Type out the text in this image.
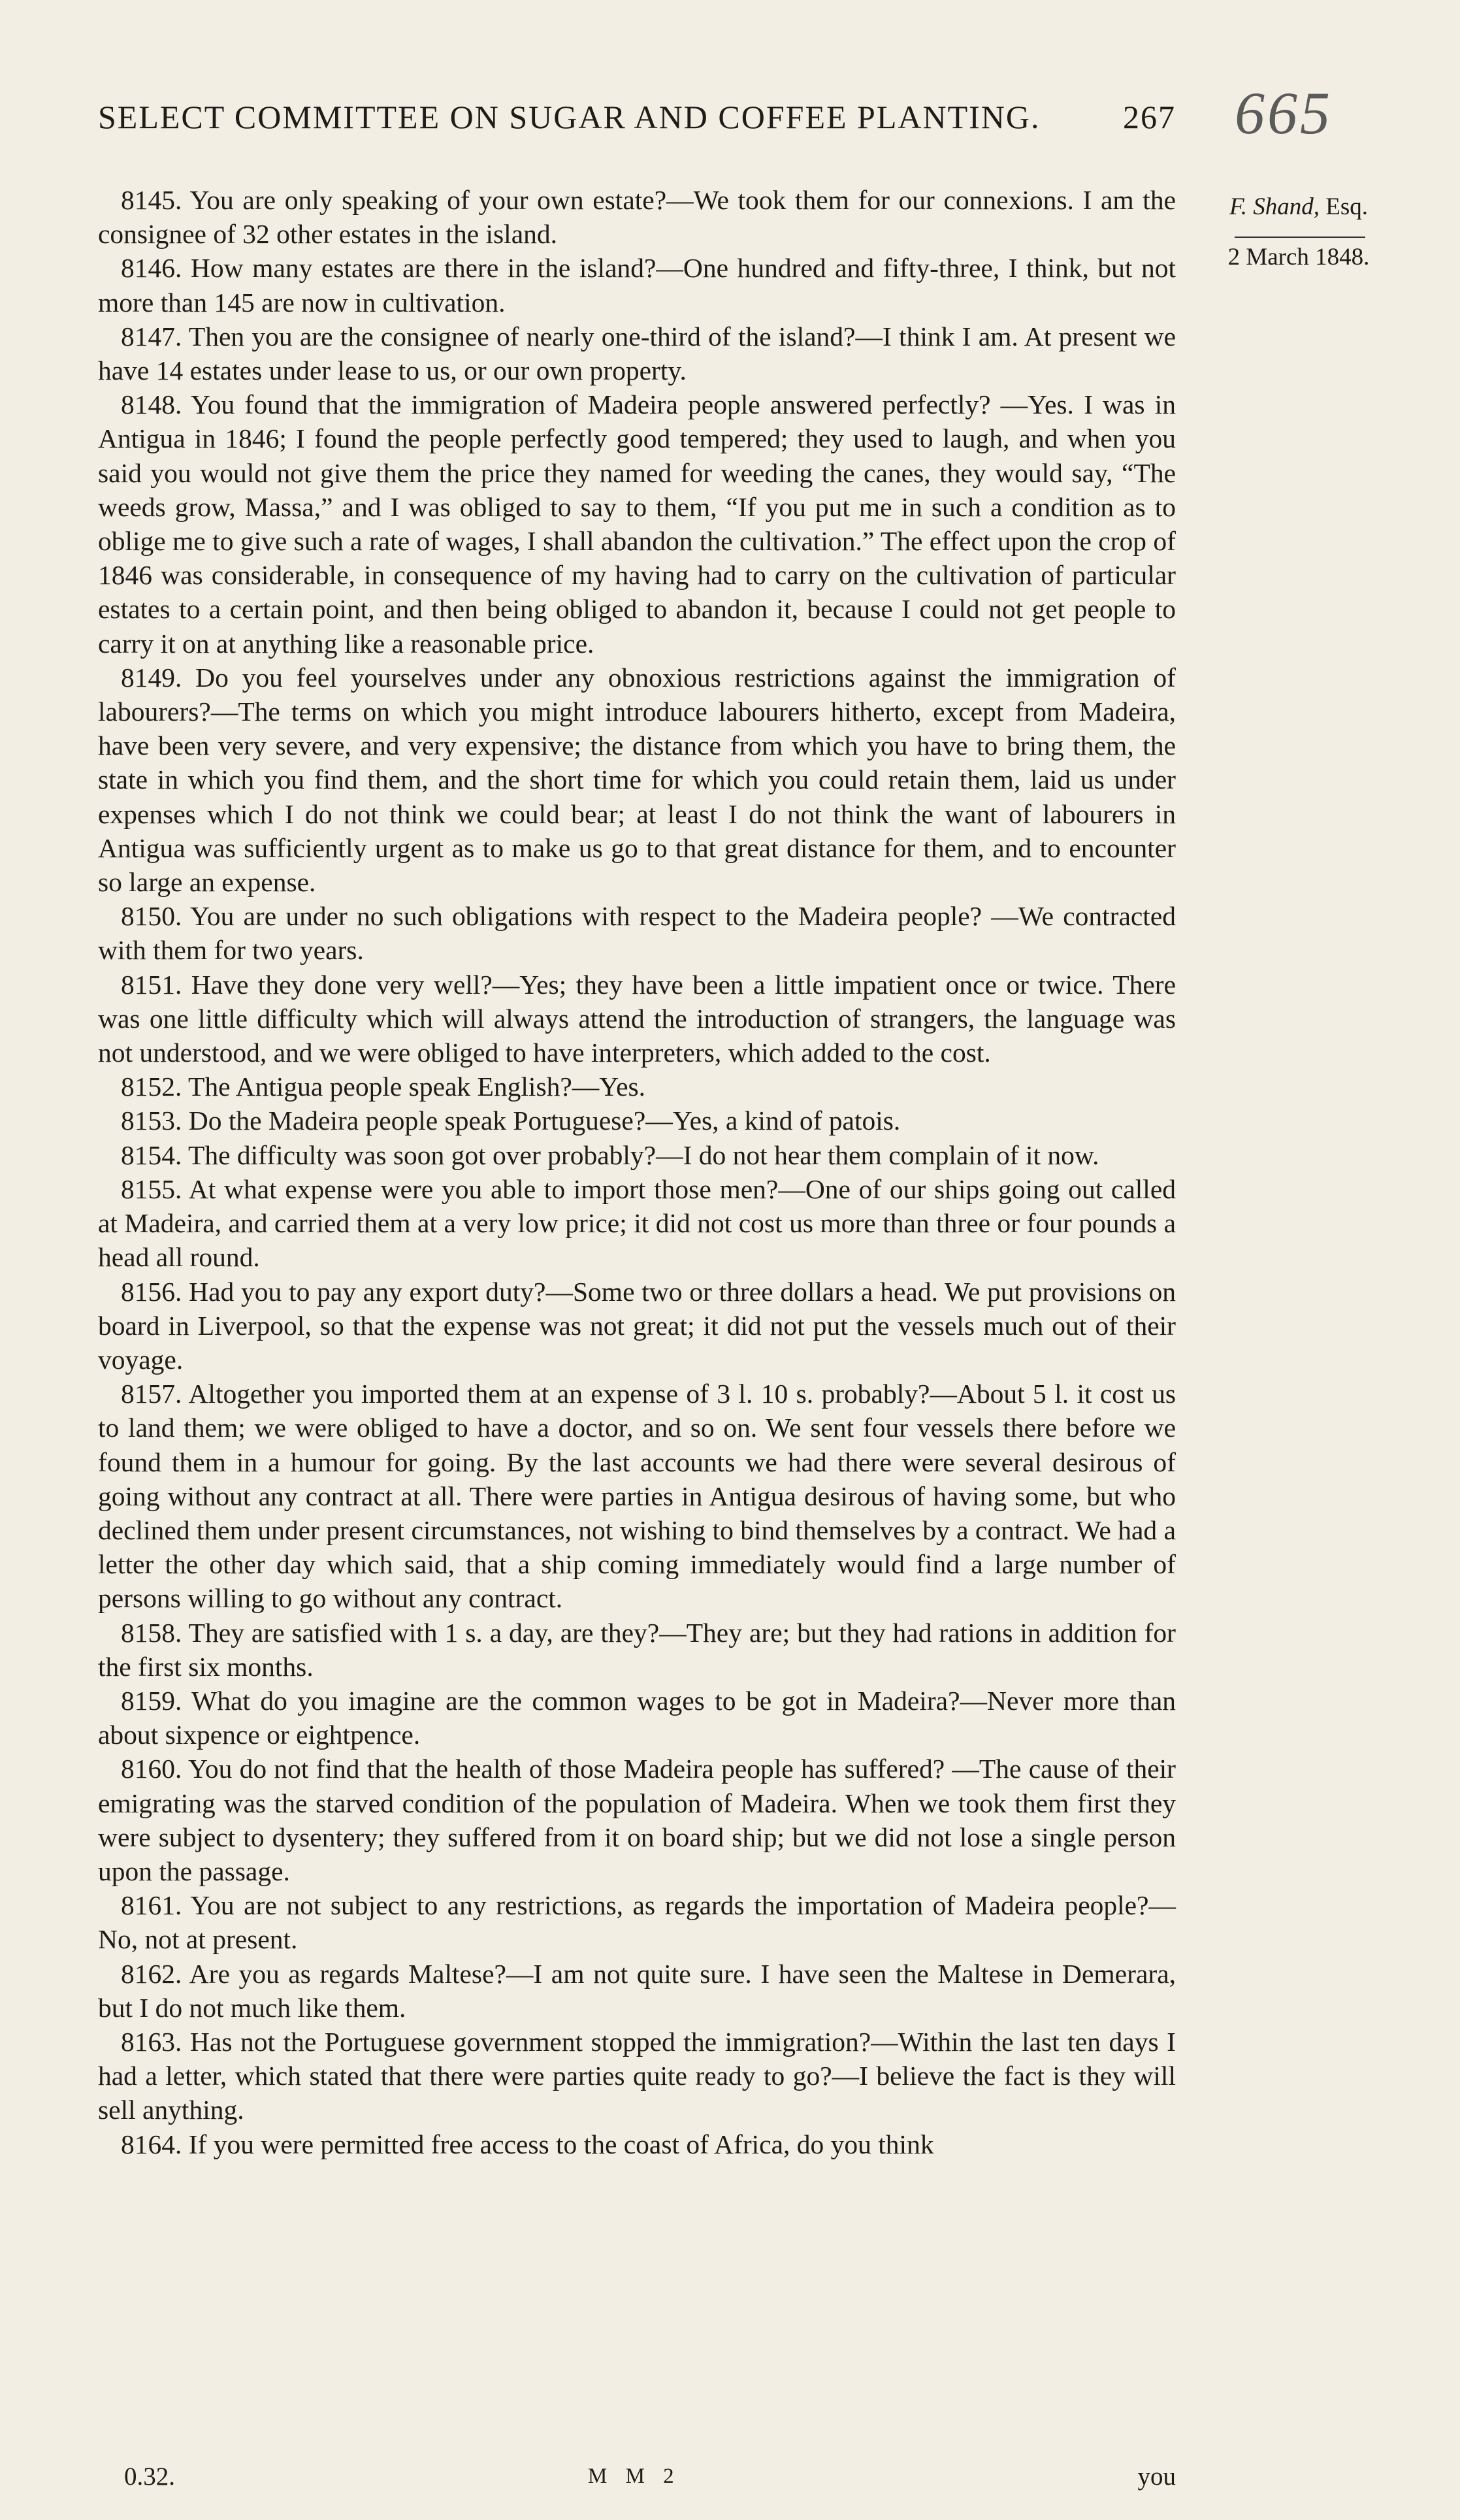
SELECT COMMITTEE ON SUGAR AND COFFEE PLANTING.	267 665
F. Shand, Esq.
2 March 1848.

8145. You are only speaking of your own estate?—We took them for our connexions. I am the consignee of 32 other estates in the island.

8146. How many estates are there in the island?—One hundred and fifty-three, I think, but not more than 145 are now in cultivation.

8147. Then you are the consignee of nearly one-third of the island?—I think I am. At present we have 14 estates under lease to us, or our own property.

8148. You found that the immigration of Madeira people answered perfectly? —Yes. I was in Antigua in 1846; I found the people perfectly good tempered; they used to laugh, and when you said you would not give them the price they named for weeding the canes, they would say, “The weeds grow, Massa,” and I was obliged to say to them, “If you put me in such a condition as to oblige me to give such a rate of wages, I shall abandon the cultivation.” The effect upon the crop of 1846 was considerable, in consequence of my having had to carry on the cultivation of particular estates to a certain point, and then being obliged to abandon it, because I could not get people to carry it on at anything like a reasonable price.

8149. Do you feel yourselves under any obnoxious restrictions against the immigration of labourers?—The terms on which you might introduce labourers hitherto, except from Madeira, have been very severe, and very expensive; the distance from which you have to bring them, the state in which you find them, and the short time for which you could retain them, laid us under expenses which I do not think we could bear; at least I do not think the want of labourers in Antigua was sufficiently urgent as to make us go to that great distance for them, and to encounter so large an expense.

8150. You are under no such obligations with respect to the Madeira people? —We contracted with them for two years.

8151. Have they done very well?—Yes; they have been a little impatient once or twice. There was one little difficulty which will always attend the introduction of strangers, the language was not understood, and we were obliged to have interpreters, which added to the cost.

8152. The Antigua people speak English?—Yes.

8153. Do the Madeira people speak Portuguese?—Yes, a kind of patois.

8154. The difficulty was soon got over probably?—I do not hear them complain of it now.

8155. At what expense were you able to import those men?—One of our ships going out called at Madeira, and carried them at a very low price; it did not cost us more than three or four pounds a head all round.

8156. Had you to pay any export duty?—Some two or three dollars a head. We put provisions on board in Liverpool, so that the expense was not great; it did not put the vessels much out of their voyage.

8157. Altogether you imported them at an expense of 3 l. 10 s. probably?—About 5 l. it cost us to land them; we were obliged to have a doctor, and so on. We sent four vessels there before we found them in a humour for going. By the last accounts we had there were several desirous of going without any contract at all. There were parties in Antigua desirous of having some, but who declined them under present circumstances, not wishing to bind themselves by a contract. We had a letter the other day which said, that a ship coming immediately would find a large number of persons willing to go without any contract.

8158. They are satisfied with 1 s. a day, are they?—They are; but they had rations in addition for the first six months.

8159. What do you imagine are the common wages to be got in Madeira?—Never more than about sixpence or eightpence.

8160. You do not find that the health of those Madeira people has suffered? —The cause of their emigrating was the starved condition of the population of Madeira. When we took them first they were subject to dysentery; they suffered from it on board ship; but we did not lose a single person upon the passage.

8161. You are not subject to any restrictions, as regards the importation of Madeira people?—No, not at present.

8162. Are you as regards Maltese?—I am not quite sure. I have seen the Maltese in Demerara, but I do not much like them.

8163. Has not the Portuguese government stopped the immigration?—Within the last ten days I had a letter, which stated that there were parties quite ready to go?—I believe the fact is they will sell anything.

8164. If you were permitted free access to the coast of Africa, do you think

0.32.	M M 2	you
